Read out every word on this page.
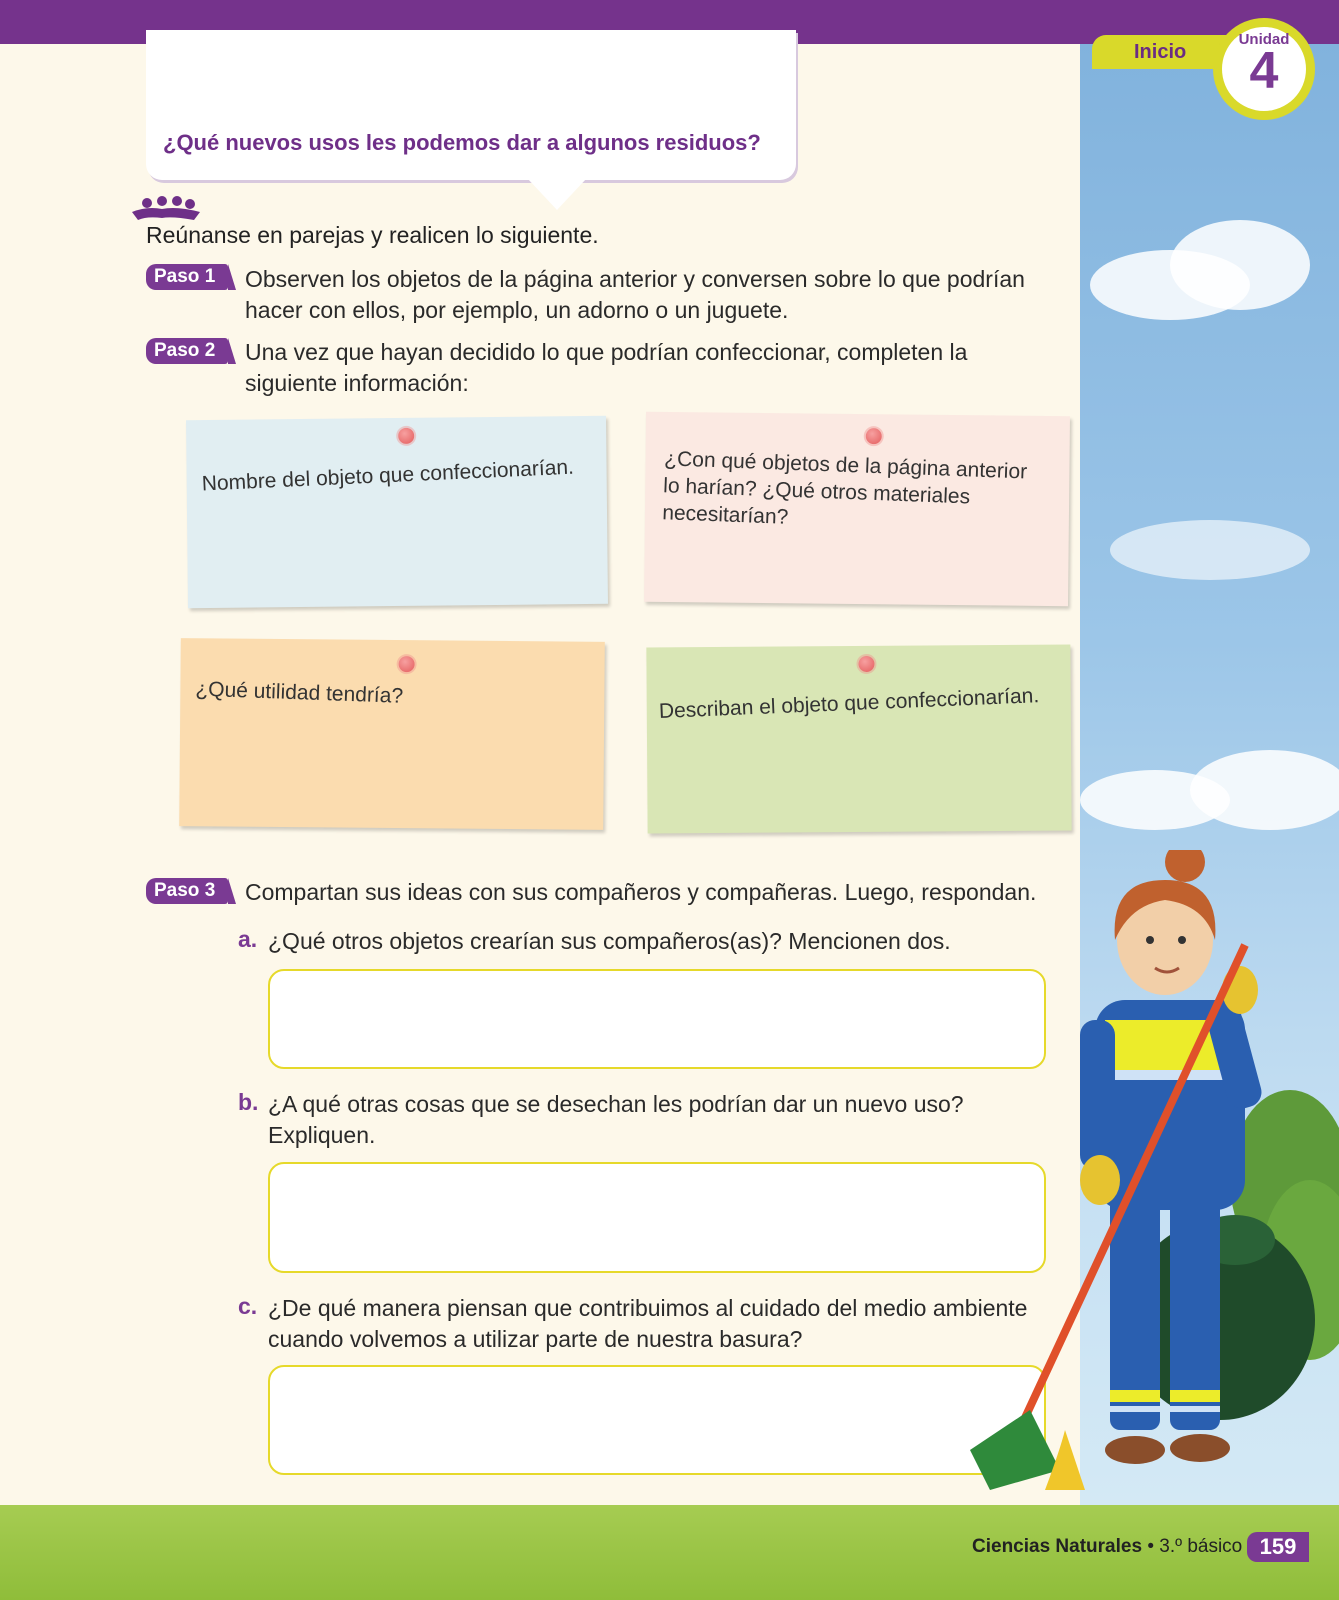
Inicio
Unidad
4
¿Qué nuevos usos les podemos dar a algunos residuos?
Reúnanse en parejas y realicen lo siguiente.
Paso 1	Observen los objetos de la página anterior y conversen sobre lo que podrían
hacer con ellos, por ejemplo, un adorno o un juguete.
Paso 2	Una vez que hayan decidido lo que podrían confeccionar, completen la
siguiente información:
Nombre del objeto que confeccionarían.	¿Con qué objetos de la página anterior
lo harían? ¿Qué otros materiales
necesitarían?
¿Qué utilidad tendría?	Describan el objeto que confeccionarían.
Paso 3	Compartan sus ideas con sus compañeros y compañeras. Luego, respondan.
a. ¿Qué otros objetos crearían sus compañeros(as)? Mencionen dos.
b. ¿A qué otras cosas que se desechan les podrían dar un nuevo uso?
Expliquen.
c. ¿De qué manera piensan que contribuimos al cuidado del medio ambiente
cuando volvemos a utilizar parte de nuestra basura?
Ciencias Naturales • 3.º básico 159
